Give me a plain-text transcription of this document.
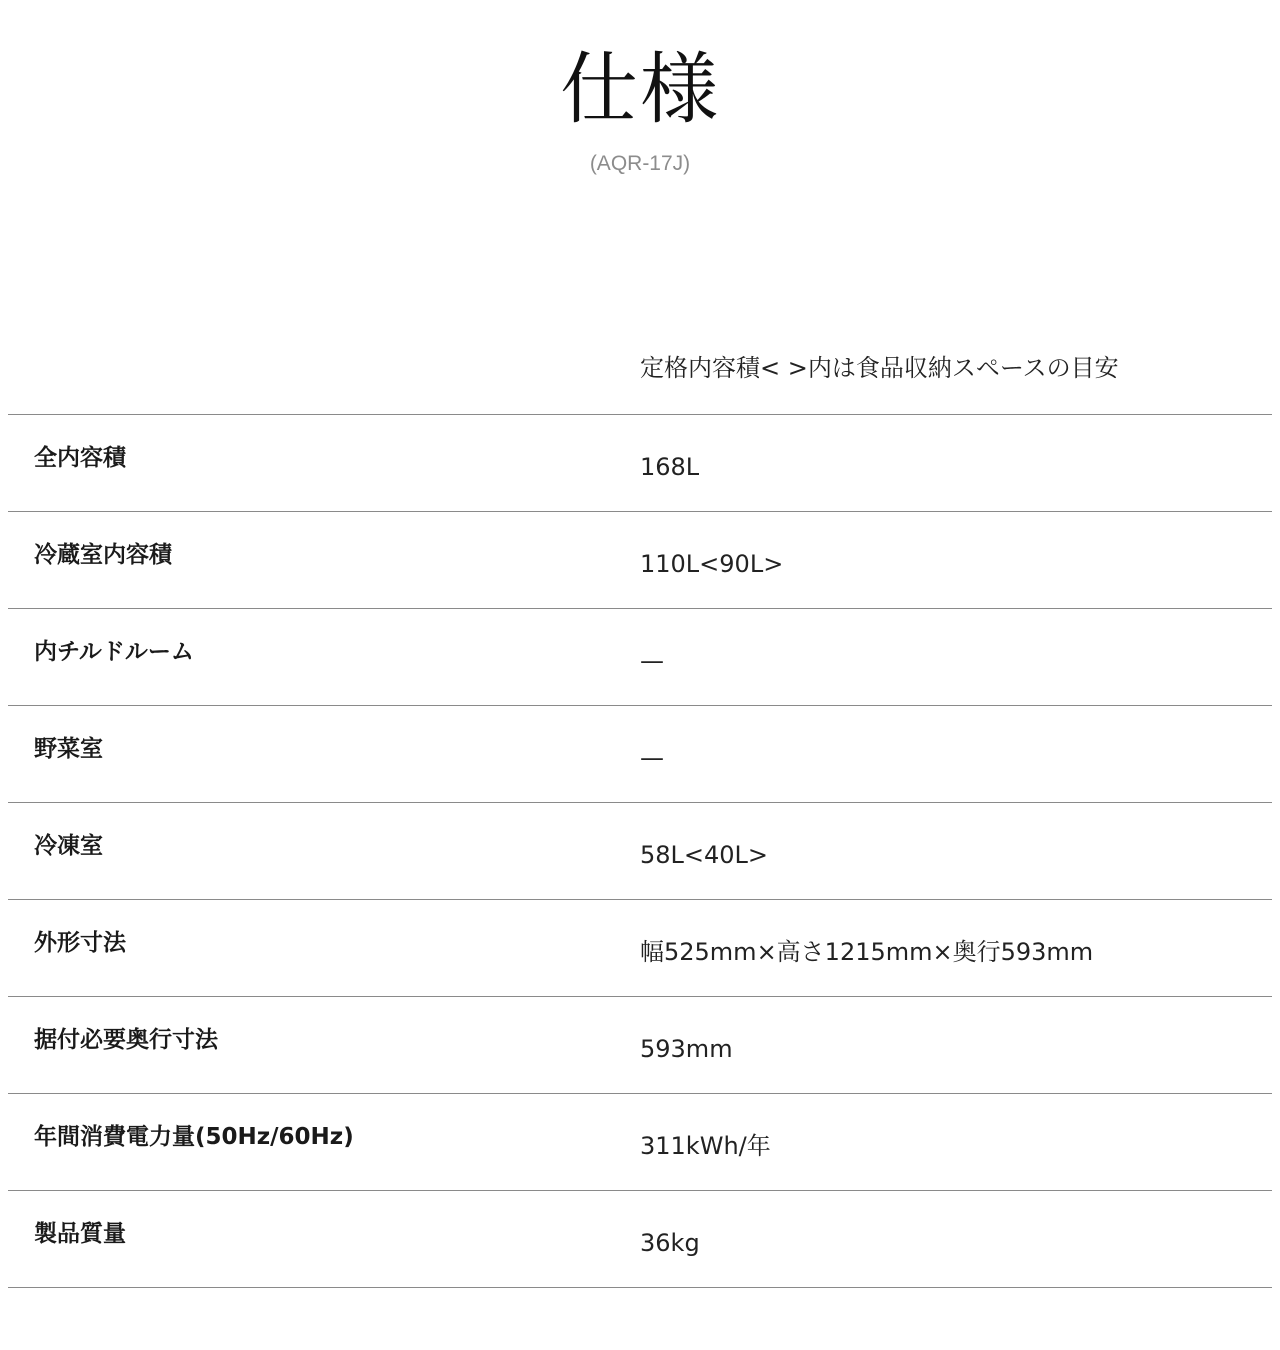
仕様
(AQR-17J)
定格内容積< >内は食品収納スペースの目安
全内容積	168L
冷蔵室内容積	110L<90L>
内チルドルーム	—
野菜室	—
冷凍室	58L<40L>
外形寸法	幅525mm×高さ1215mm×奥行593mm
据付必要奥行寸法	593mm
年間消費電力量(50Hz/60Hz)	311kWh/年
製品質量	36kg
